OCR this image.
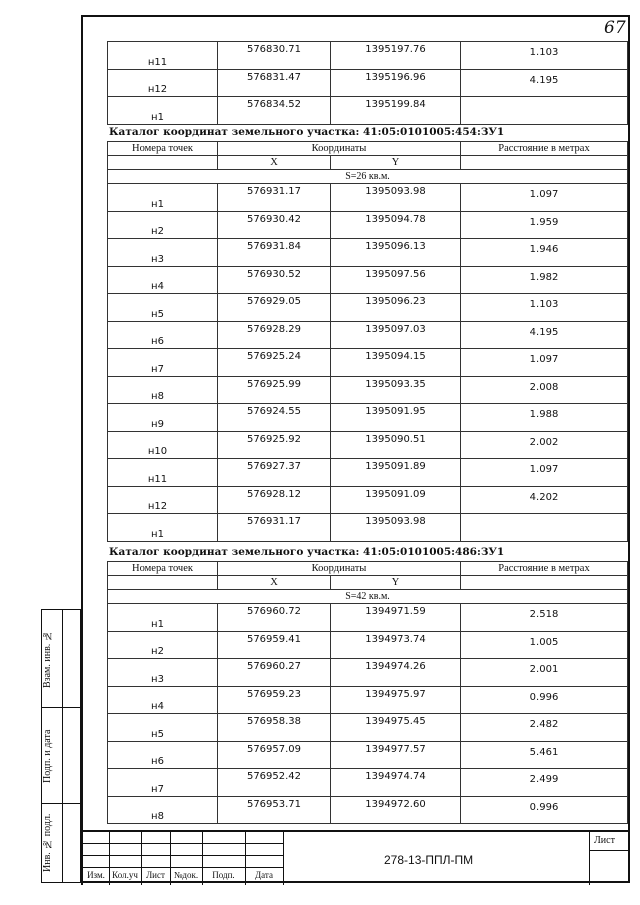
67
н11	576830.71	1395197.76	1.103

н12	576831.47	1395196.96	4.195

н1	576834.52	1395199.84	

Каталог координат земельного участка: 41:05:0101005:454:ЗУ1
Номера точек	Координаты		Расстояние в метрах
	X	Y	
S=26 кв.м.			
н1	576931.17	1395093.98	1.097

н2	576930.42	1395094.78	1.959

н3	576931.84	1395096.13	1.946

н4	576930.52	1395097.56	1.982

н5	576929.05	1395096.23	1.103

н6	576928.29	1395097.03	4.195

н7	576925.24	1395094.15	1.097

н8	576925.99	1395093.35	2.008

н9	576924.55	1395091.95	1.988

н10	576925.92	1395090.51	2.002

н11	576927.37	1395091.89	1.097

н12	576928.12	1395091.09	4.202

н1	576931.17	1395093.98	

Каталог координат земельного участка: 41:05:0101005:486:ЗУ1
Номера точек	Координаты		Расстояние в метрах
	X	Y	
S=42 кв.м.			
н1	576960.72	1394971.59	2.518

н2	576959.41	1394973.74	1.005

н3	576960.27	1394974.26	2.001

н4	576959.23	1394975.97	0.996

н5	576958.38	1394975.45	2.482

н6	576957.09	1394977.57	5.461

н7	576952.42	1394974.74	2.499

н8	576953.71	1394972.60	0.996
Взам. инв. №
Подп. и дата
Инв. № подл.
Изм. Кол.уч Лист №док.	Подп.	Дата
278-13-ППЛ-ПМ
Лист
